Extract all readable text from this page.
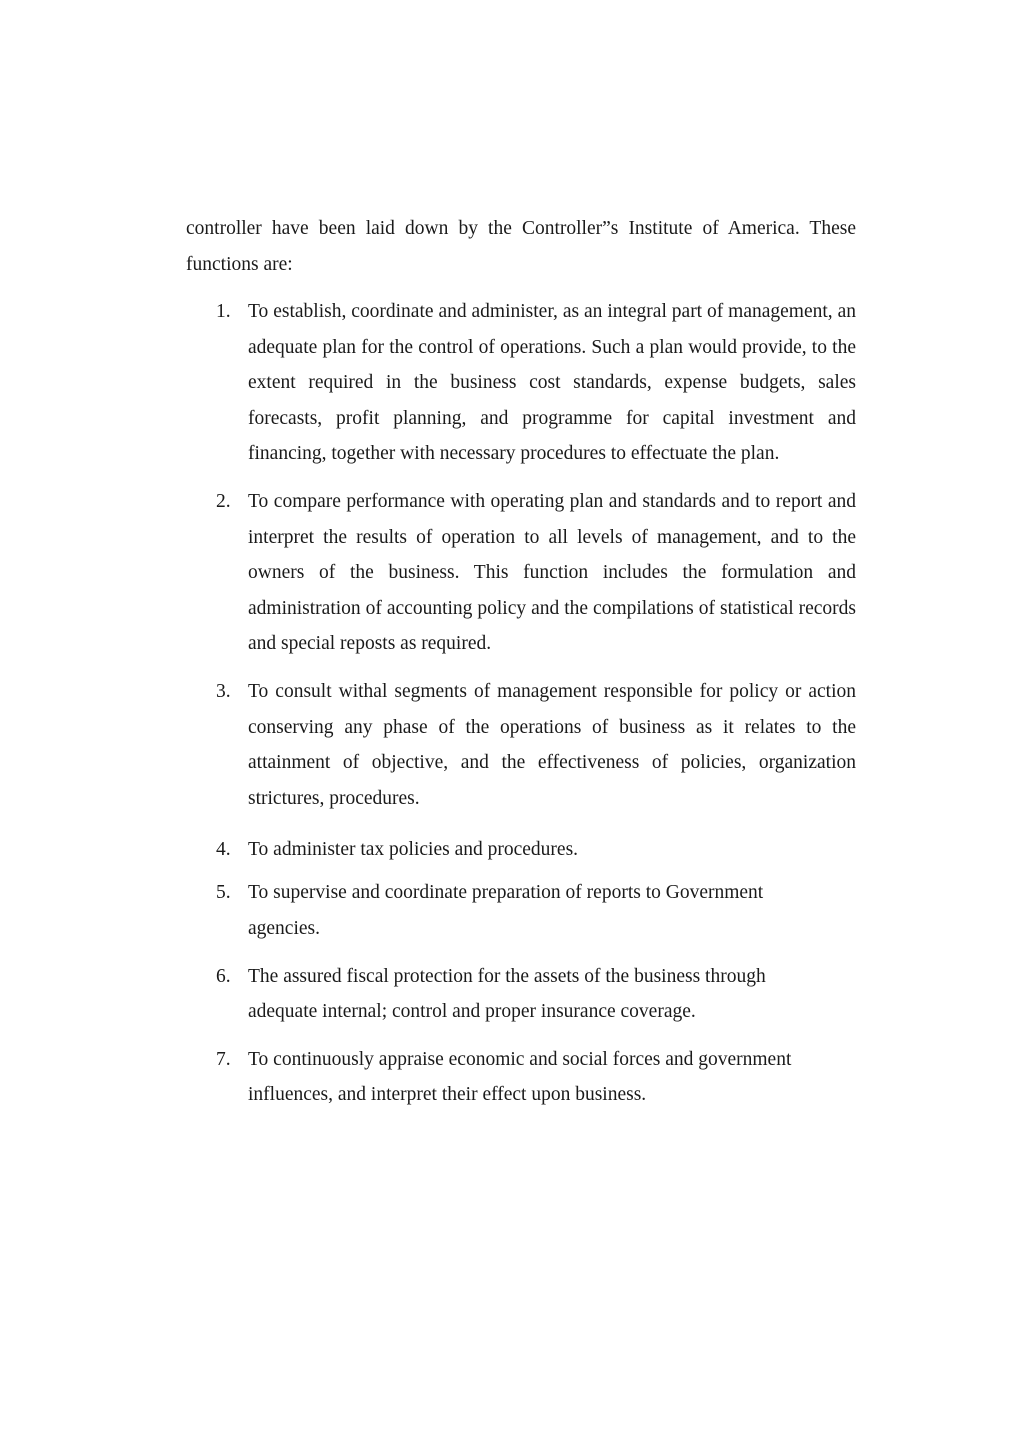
controller have been laid down by the Controller”s Institute of America. These functions are:

1. To establish, coordinate and administer, as an integral part of management, an adequate plan for the control of operations. Such a plan would provide, to the extent required in the business cost standards, expense budgets, sales forecasts, profit planning, and programme for capital investment and financing, together with necessary procedures to effectuate the plan.
2. To compare performance with operating plan and standards and to report and interpret the results of operation to all levels of management, and to the owners of the business. This function includes the formulation and administration of accounting policy and the compilations of statistical records and special reposts as required.
3. To consult withal segments of management responsible for policy or action conserving any phase of the operations of business as it relates to the attainment of objective, and the effectiveness of policies, organization strictures, procedures.
4. To administer tax policies and procedures.
5. To supervise and coordinate preparation of reports to Government agencies.
6. The assured fiscal protection for the assets of the business through adequate internal; control and proper insurance coverage.
7. To continuously appraise economic and social forces and government influences, and interpret their effect upon business.
